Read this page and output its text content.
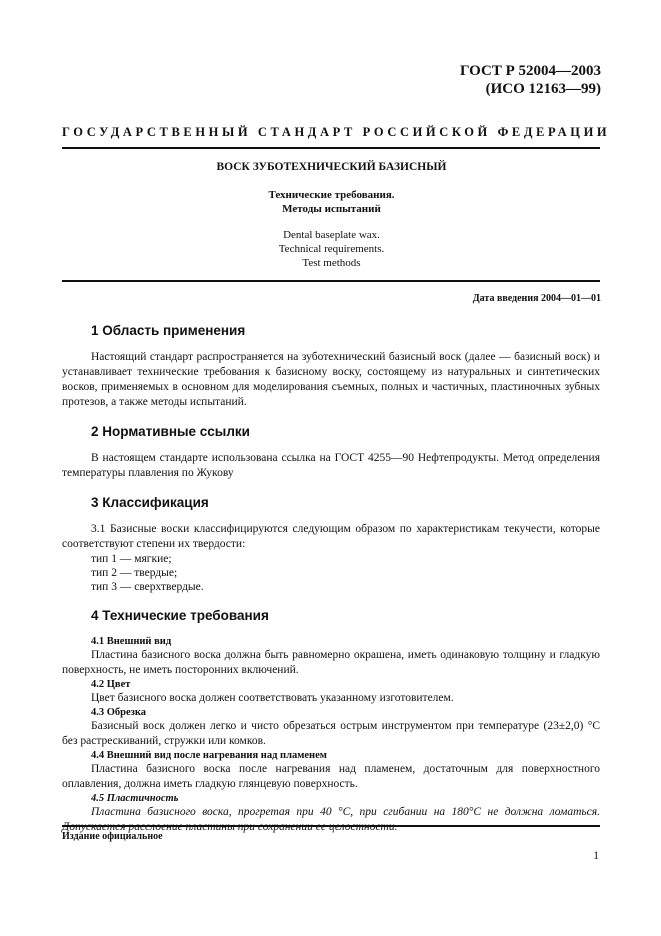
ГОСТ Р 52004—2003
(ИСО 12163—99)
ГОСУДАРСТВЕННЫЙ СТАНДАРТ РОССИЙСКОЙ ФЕДЕРАЦИИ
ВОСК ЗУБОТЕХНИЧЕСКИЙ БАЗИСНЫЙ
Технические требования.
Методы испытаний
Dental baseplate wax.
Technical requirements.
Test methods
Дата введения 2004—01—01
1 Область применения

Настоящий стандарт распространяется на зуботехнический базисный воск (далее — базисный воск) и устанавливает технические требования к базисному воску, состоящему из натуральных и синтетических восков, применяемых в основном для моделирования съемных, полных и частичных, пластиночных зубных протезов, а также методы испытаний.

2 Нормативные ссылки

В настоящем стандарте использована ссылка на ГОСТ 4255—90 Нефтепродукты. Метод определения температуры плавления по Жукову

3 Классификация

3.1 Базисные воски классифицируются следующим образом по характеристикам текучести, которые соответствуют степени их твердости:

тип 1 — мягкие;
тип 2 — твердые;
тип 3 — сверхтвердые.
4 Технические требования
4.1 Внешний вид

Пластина базисного воска должна быть равномерно окрашена, иметь одинаковую толщину и гладкую поверхность, не иметь посторонних включений.

4.2 Цвет

Цвет базисного воска должен соответствовать указанному изготовителем.

4.3 Обрезка

Базисный воск должен легко и чисто обрезаться острым инструментом при температуре (23±2,0) °С без растрескиваний, стружки или комков.

4.4 Внешний вид после нагревания над пламенем

Пластина базисного воска после нагревания над пламенем, достаточным для поверхностного оплавления, должна иметь гладкую глянцевую поверхность.

4.5 Пластичность

Пластина базисного воска, прогретая при 40 °С, при сгибании на 180°С не должна ломаться. Допускается расслоение пластины при сохранении ее целостности.

Издание официальное
1
